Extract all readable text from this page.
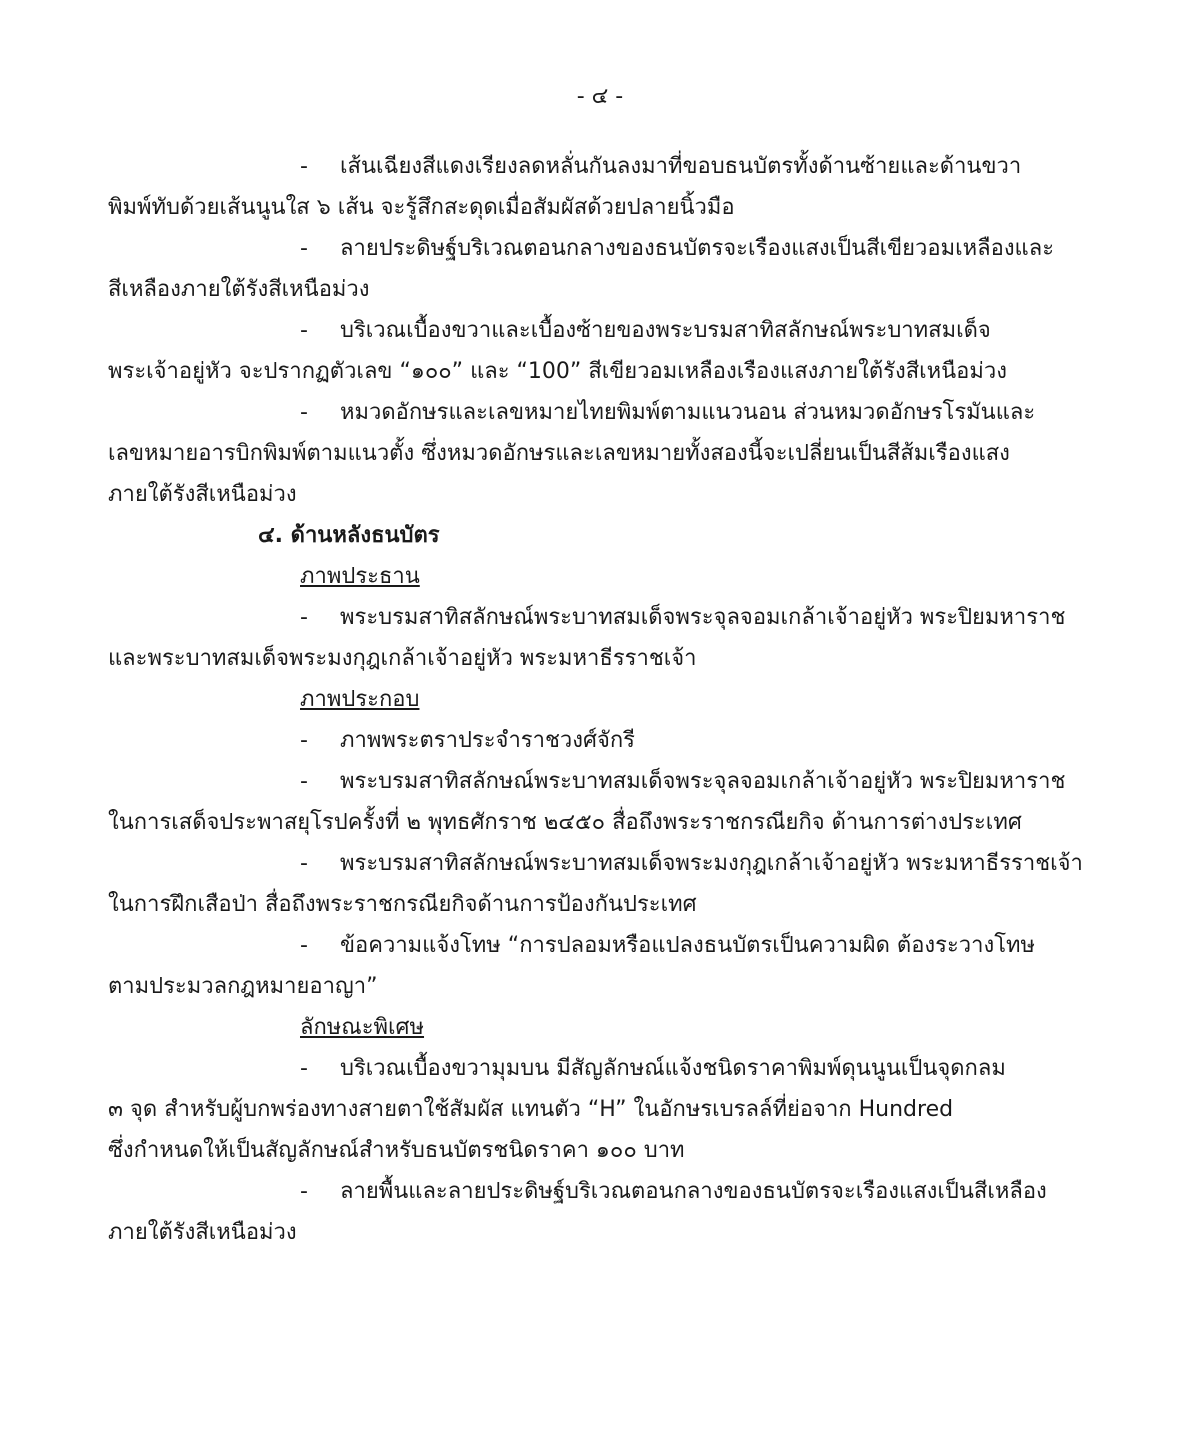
- ๔ -
-	เส้นเฉียงสีแดงเรียงลดหลั่นกันลงมาที่ขอบธนบัตรทั้งด้านซ้ายและด้านขวา
พิมพ์ทับด้วยเส้นนูนใส ๖ เส้น จะรู้สึกสะดุดเมื่อสัมผัสด้วยปลายนิ้วมือ
-	ลายประดิษฐ์บริเวณตอนกลางของธนบัตรจะเรืองแสงเป็นสีเขียวอมเหลืองและ
สีเหลืองภายใต้รังสีเหนือม่วง
-	บริเวณเบื้องขวาและเบื้องซ้ายของพระบรมสาทิสลักษณ์พระบาทสมเด็จ
พระเจ้าอยู่หัว จะปรากฏตัวเลข “๑๐๐” และ “100” สีเขียวอมเหลืองเรืองแสงภายใต้รังสีเหนือม่วง
-	หมวดอักษรและเลขหมายไทยพิมพ์ตามแนวนอน ส่วนหมวดอักษรโรมันและ
เลขหมายอารบิกพิมพ์ตามแนวตั้ง ซึ่งหมวดอักษรและเลขหมายทั้งสองนี้จะเปลี่ยนเป็นสีส้มเรืองแสง
ภายใต้รังสีเหนือม่วง
๔. ด้านหลังธนบัตร
ภาพประธาน
-	พระบรมสาทิสลักษณ์พระบาทสมเด็จพระจุลจอมเกล้าเจ้าอยู่หัว พระปิยมหาราช
และพระบาทสมเด็จพระมงกุฎเกล้าเจ้าอยู่หัว พระมหาธีรราชเจ้า
ภาพประกอบ
-	ภาพพระตราประจำราชวงศ์จักรี
-	พระบรมสาทิสลักษณ์พระบาทสมเด็จพระจุลจอมเกล้าเจ้าอยู่หัว พระปิยมหาราช
ในการเสด็จประพาสยุโรปครั้งที่ ๒ พุทธศักราช ๒๔๕๐ สื่อถึงพระราชกรณียกิจ ด้านการต่างประเทศ
-	พระบรมสาทิสลักษณ์พระบาทสมเด็จพระมงกุฎเกล้าเจ้าอยู่หัว พระมหาธีรราชเจ้า
ในการฝึกเสือป่า สื่อถึงพระราชกรณียกิจด้านการป้องกันประเทศ
-	ข้อความแจ้งโทษ “การปลอมหรือแปลงธนบัตรเป็นความผิด ต้องระวางโทษ
ตามประมวลกฎหมายอาญา”
ลักษณะพิเศษ
-	บริเวณเบื้องขวามุมบน มีสัญลักษณ์แจ้งชนิดราคาพิมพ์ดุนนูนเป็นจุดกลม
๓ จุด สำหรับผู้บกพร่องทางสายตาใช้สัมผัส แทนตัว “H” ในอักษรเบรลล์ที่ย่อจาก Hundred
ซึ่งกำหนดให้เป็นสัญลักษณ์สำหรับธนบัตรชนิดราคา ๑๐๐ บาท
-	ลายพื้นและลายประดิษฐ์บริเวณตอนกลางของธนบัตรจะเรืองแสงเป็นสีเหลือง
ภายใต้รังสีเหนือม่วง
